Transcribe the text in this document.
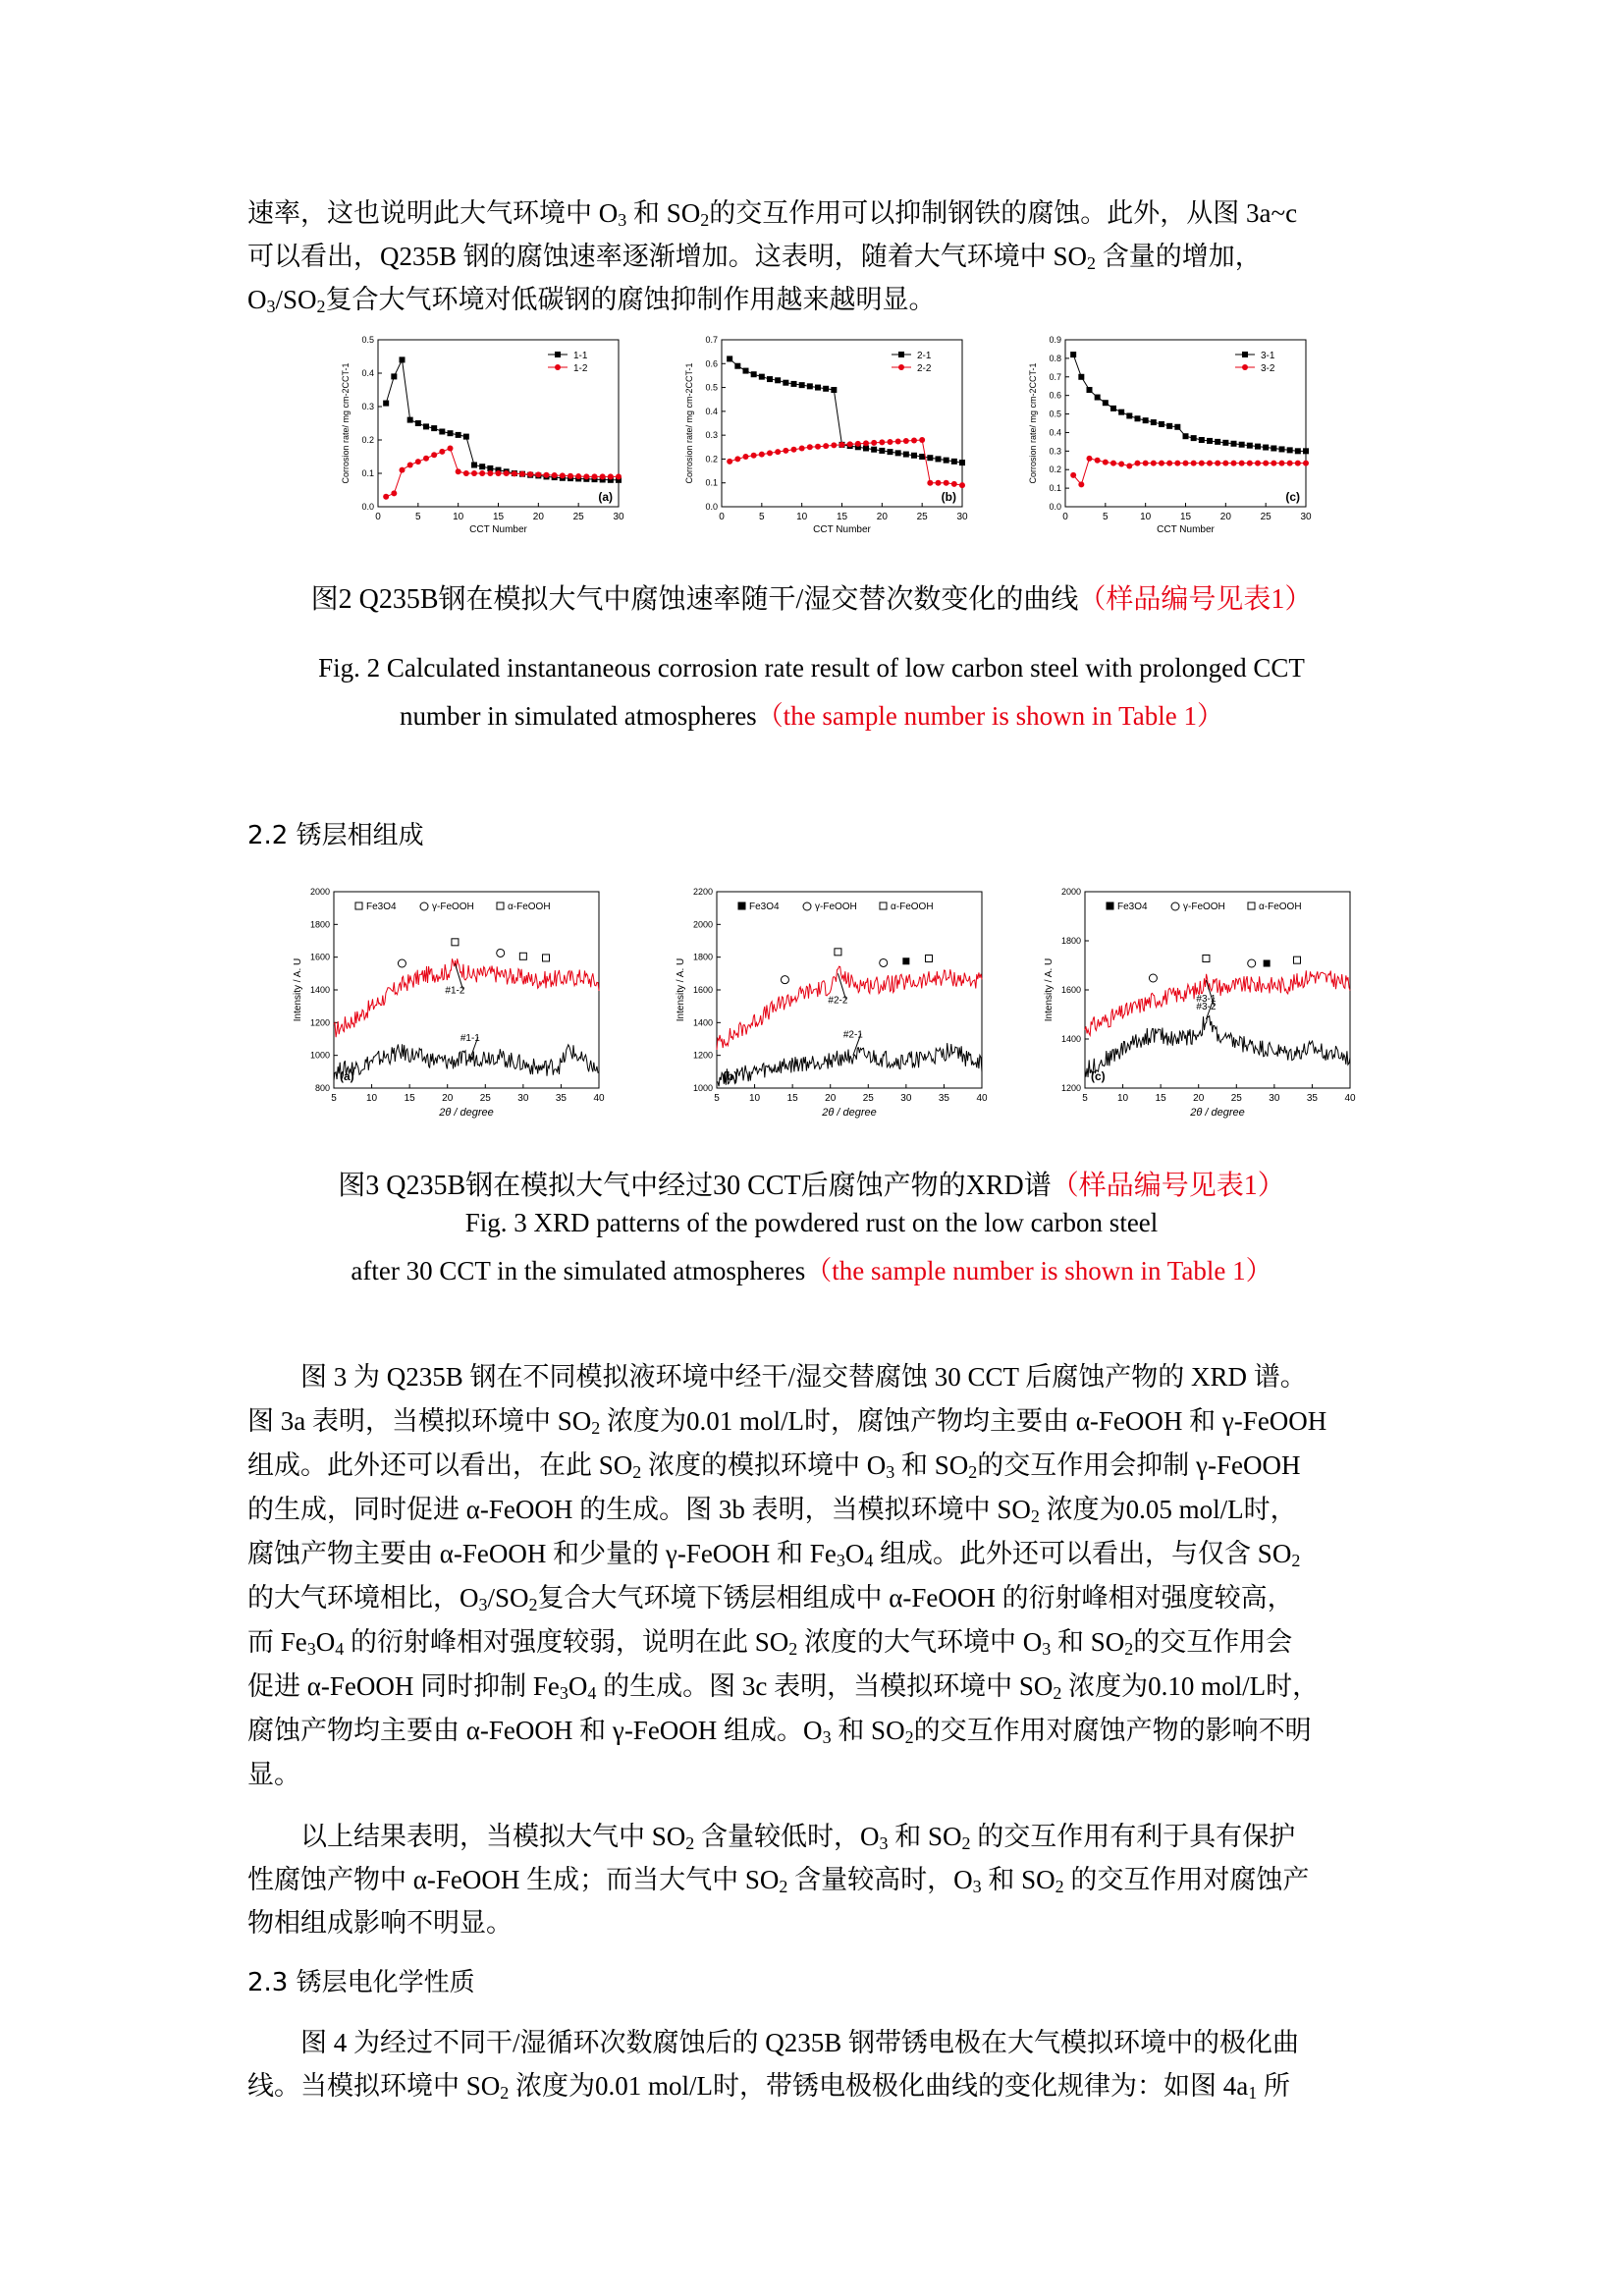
速率，这也说明此大气环境中 $O_3$ 和 $SO_2$的交互作用可以抑制钢铁的腐蚀。此外，从图 3a~c
可以看出，Q235B 钢的腐蚀速率逐渐增加。这表明，随着大气环境中 $SO_2$ 含量的增加，
$O_3/SO_2$复合大气环境对低碳钢的腐蚀抑制作用越来越明显。
0	5	10	15	20	25	30
0.0
0.1
0.2
0.3
0.4
0.5
CCT Number
Corrosion rate/ mg cm-2CCT-1
(a)
1-1
1-2
0	5	10	15	20	25	30
0.0
0.1
0.2
0.3
0.4
0.5
0.6
0.7
CCT Number
Corrosion rate/ mg cm-2CCT-1
(b)
2-1
2-2
0	5	10	15	20	25	30
0.0
0.1
0.2
0.3
0.4
0.5
0.6
0.7
0.8
0.9
CCT Number
Corrosion rate/ mg cm-2CCT-1
(c)
3-1
3-2
图2 Q235B钢在模拟大气中腐蚀速率随干/湿交替次数变化的曲线（样品编号见表1）
Fig. 2 Calculated instantaneous corrosion rate result of low carbon steel with prolonged CCT
number in simulated atmospheres（the sample number is shown in Table 1）
2.2 锈层相组成
5	10	15	20	25	30	35	40
800
1000
1200
1400
1600
1800
2000
2θ / degree
Intensity / A. U
(a)
Fe3O4	γ-FeOOH	α-FeOOH
#1-2
#1-1
5	10	15	20	25	30	35	40
1000
1200
1400
1600
1800
2000
2200
2θ / degree
Intensity / A. U
(b)
Fe3O4	γ-FeOOH	α-FeOOH
#2-2
#2-1
5	10	15	20	25	30	35	40
1200
1400
1600
1800
2000
2θ / degree
Intensity / A. U
(c)
Fe3O4	γ-FeOOH	α-FeOOH
#3-2
#3-1
图3 Q235B钢在模拟大气中经过30 CCT后腐蚀产物的XRD谱（样品编号见表1）
Fig. 3 XRD patterns of the powdered rust on the low carbon steel
after 30 CCT in the simulated atmospheres（the sample number is shown in Table 1）
图 3 为 Q235B 钢在不同模拟液环境中经干/湿交替腐蚀 30 CCT 后腐蚀产物的 XRD 谱。
图 3a 表明，当模拟环境中 $SO_2$ 浓度为0.01 mol/L时，腐蚀产物均主要由 α-FeOOH 和 γ-FeOOH
组成。此外还可以看出，在此 $SO_2$ 浓度的模拟环境中 $O_3$ 和 $SO_2$的交互作用会抑制 γ-FeOOH
的生成，同时促进 α-FeOOH 的生成。图 3b 表明，当模拟环境中 $SO_2$ 浓度为0.05 mol/L时，
腐蚀产物主要由 α-FeOOH 和少量的 γ-FeOOH 和 $Fe_3O_4$ 组成。此外还可以看出，与仅含 $SO_2$
的大气环境相比，$O_3/SO_2$复合大气环境下锈层相组成中 α-FeOOH 的衍射峰相对强度较高，
而 $Fe_3O_4$ 的衍射峰相对强度较弱，说明在此 $SO_2$ 浓度的大气环境中 $O_3$ 和 $SO_2$的交互作用会
促进 α-FeOOH 同时抑制 $Fe_3O_4$ 的生成。图 3c 表明，当模拟环境中 $SO_2$ 浓度为0.10 mol/L时，
腐蚀产物均主要由 α-FeOOH 和 γ-FeOOH 组成。$O_3$ 和 $SO_2$的交互作用对腐蚀产物的影响不明
显。
以上结果表明，当模拟大气中 $SO_2$ 含量较低时，$O_3$ 和 $SO_2$ 的交互作用有利于具有保护
性腐蚀产物中 α-FeOOH 生成；而当大气中 $SO_2$ 含量较高时，$O_3$ 和 $SO_2$ 的交互作用对腐蚀产
物相组成影响不明显。
2.3 锈层电化学性质
图 4 为经过不同干/湿循环次数腐蚀后的 Q235B 钢带锈电极在大气模拟环境中的极化曲
线。当模拟环境中 $SO_2$ 浓度为0.01 mol/L时，带锈电极极化曲线的变化规律为：如图 $4a_1$ 所
